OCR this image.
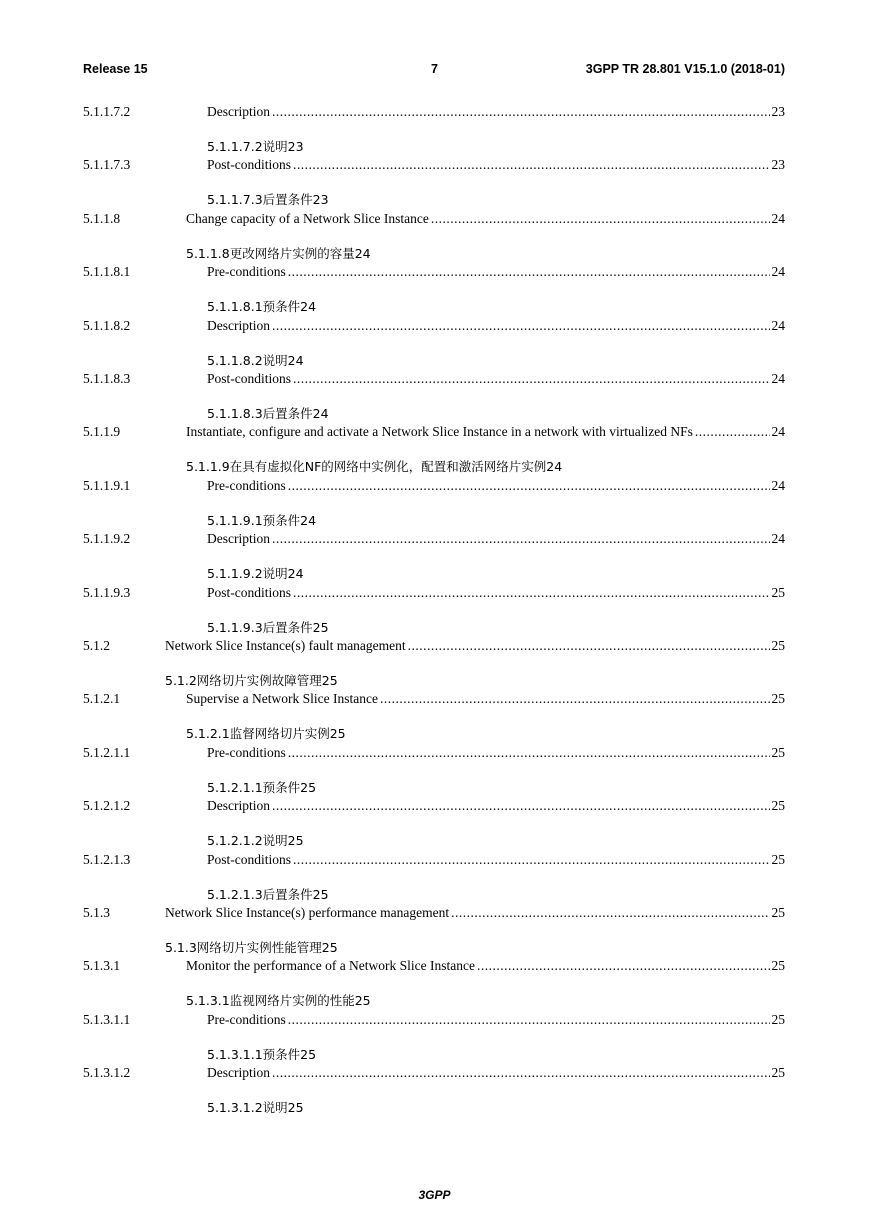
Release 15	7	3GPP TR 28.801 V15.1.0 (2018-01)
5.1.1.7.2	Description .....	23
5.1.1.7.2说明23
5.1.1.7.3	Post-conditions .....	23
5.1.1.7.3后置条件23
5.1.1.8	Change capacity of a Network Slice Instance .....	24
5.1.1.8更改网络片实例的容量24
5.1.1.8.1	Pre-conditions .....	24
5.1.1.8.1预条件24
5.1.1.8.2	Description .....	24
5.1.1.8.2说明24
5.1.1.8.3	Post-conditions .....	24
5.1.1.8.3后置条件24
5.1.1.9	Instantiate, configure and activate a Network Slice Instance in a network with virtualized NFs .....	24
5.1.1.9在具有虚拟化NF的网络中实例化，配置和激活网络片实例24
5.1.1.9.1	Pre-conditions .....	24
5.1.1.9.1预条件24
5.1.1.9.2	Description .....	24
5.1.1.9.2说明24
5.1.1.9.3	Post-conditions .....	25
5.1.1.9.3后置条件25
5.1.2	Network Slice Instance(s) fault management .....	25
5.1.2网络切片实例故障管理25
5.1.2.1	Supervise a Network Slice Instance .....	25
5.1.2.1监督网络切片实例25
5.1.2.1.1	Pre-conditions .....	25
5.1.2.1.1预条件25
5.1.2.1.2	Description .....	25
5.1.2.1.2说明25
5.1.2.1.3	Post-conditions .....	25
5.1.2.1.3后置条件25
5.1.3	Network Slice Instance(s) performance management .....	25
5.1.3网络切片实例性能管理25
5.1.3.1	Monitor the performance of a Network Slice Instance .....	25
5.1.3.1监视网络片实例的性能25
5.1.3.1.1	Pre-conditions .....	25
5.1.3.1.1预条件25
5.1.3.1.2	Description .....	25
5.1.3.1.2说明25
3GPP
